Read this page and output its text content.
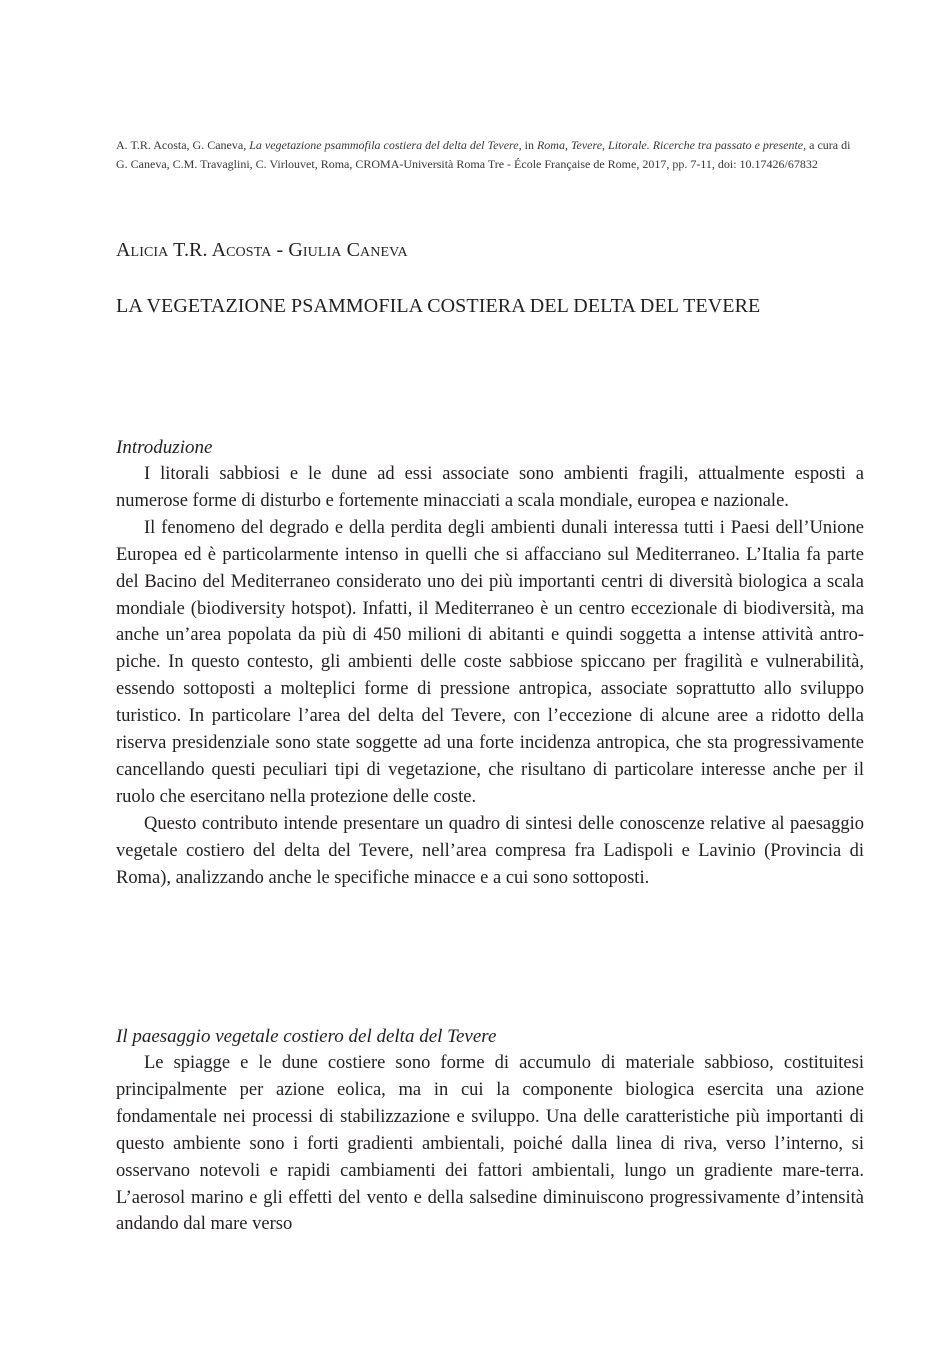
A. T.R. Acosta, G. Caneva, La vegetazione psammofila costiera del delta del Tevere, in Roma, Tevere, Litorale. Ricerche tra passato e presente, a cura di
G. Caneva, C.M. Travaglini, C. Virlouvet, Roma, CROMA-Università Roma Tre - École Française de Rome, 2017, pp. 7-11, doi: 10.17426/67832
Alicia T.R. Acosta - Giulia Caneva
LA VEGETAZIONE PSAMMOFILA COSTIERA DEL DELTA DEL TEVERE
Introduzione

I litorali sabbiosi e le dune ad essi associate sono ambienti fragili, attualmente esposti a numerose forme di disturbo e fortemente minacciati a scala mondiale, europea e nazionale.

Il fenomeno del degrado e della perdita degli ambienti dunali interessa tutti i Paesi dell’Unione Europea ed è particolarmente intenso in quelli che si affacciano sul Mediterraneo. L’Italia fa parte del Bacino del Mediterraneo considerato uno dei più importanti centri di diversità biologica a scala mondiale (biodiversity hotspot). Infatti, il Mediterraneo è un centro eccezionale di biodiversità, ma anche un’area popolata da più di 450 milioni di abitanti e quindi soggetta a intense attività antropiche. In questo contesto, gli ambienti delle coste sabbiose spiccano per fragilità e vulnerabilità, essendo sottoposti a molteplici forme di pressione antropica, associate soprattutto allo sviluppo turistico. In particolare l’area del delta del Tevere, con l’eccezione di alcune aree a ridotto della riserva presidenziale sono state soggette ad una forte incidenza antropica, che sta progressivamente cancellando questi peculiari tipi di vegetazione, che risultano di particolare interesse anche per il ruolo che esercitano nella protezione delle coste.

Questo contributo intende presentare un quadro di sintesi delle conoscenze relative al paesaggio vegetale costiero del delta del Tevere, nell’area compresa fra Ladispoli e Lavinio (Provincia di Roma), analizzando anche le specifiche minacce e a cui sono sottoposti.

Il paesaggio vegetale costiero del delta del Tevere

Le spiagge e le dune costiere sono forme di accumulo di materiale sabbioso, costituitesi principalmente per azione eolica, ma in cui la componente biologica esercita una azione fondamentale nei processi di stabilizzazione e sviluppo. Una delle caratteristiche più importanti di questo ambiente sono i forti gradienti ambientali, poiché dalla linea di riva, verso l’interno, si osservano notevoli e rapidi cambiamenti dei fattori ambientali, lungo un gradiente mare-terra. L’aerosol marino e gli effetti del vento e della salsedine diminuiscono progressivamente d’intensità andando dal mare verso
